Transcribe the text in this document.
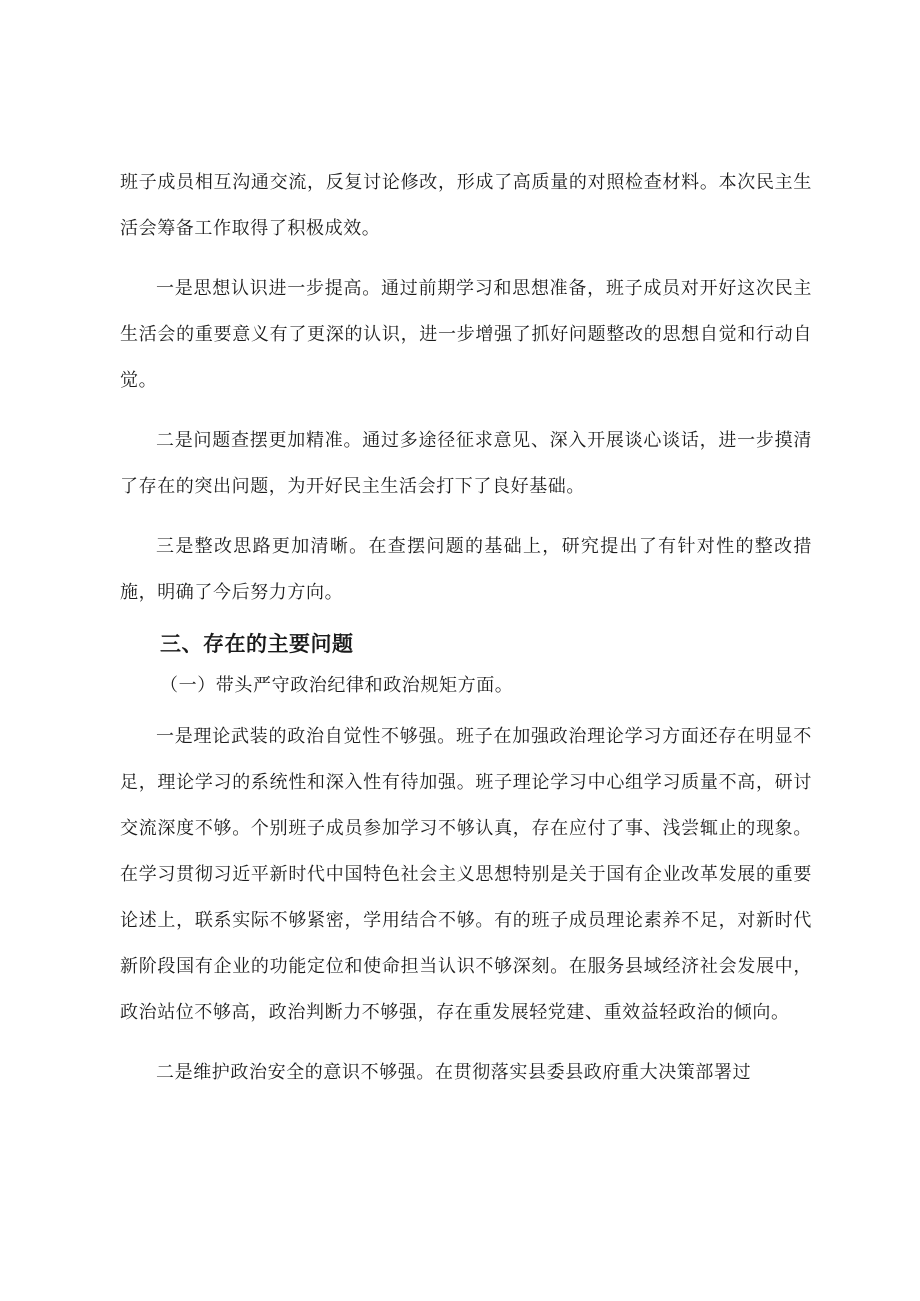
班子成员相互沟通交流，反复讨论修改，形成了高质量的对照检查材料。本次民主生活会筹备工作取得了积极成效。

一是思想认识进一步提高。通过前期学习和思想准备，班子成员对开好这次民主生活会的重要意义有了更深的认识，进一步增强了抓好问题整改的思想自觉和行动自觉。

二是问题查摆更加精准。通过多途径征求意见、深入开展谈心谈话，进一步摸清了存在的突出问题，为开好民主生活会打下了良好基础。

三是整改思路更加清晰。在查摆问题的基础上，研究提出了有针对性的整改措施，明确了今后努力方向。

三、存在的主要问题

（一）带头严守政治纪律和政治规矩方面。

一是理论武装的政治自觉性不够强。班子在加强政治理论学习方面还存在明显不足，理论学习的系统性和深入性有待加强。班子理论学习中心组学习质量不高，研讨交流深度不够。个别班子成员参加学习不够认真，存在应付了事、浅尝辄止的现象。在学习贯彻习近平新时代中国特色社会主义思想特别是关于国有企业改革发展的重要论述上，联系实际不够紧密，学用结合不够。有的班子成员理论素养不足，对新时代新阶段国有企业的功能定位和使命担当认识不够深刻。在服务县域经济社会发展中，政治站位不够高，政治判断力不够强，存在重发展轻党建、重效益轻政治的倾向。

二是维护政治安全的意识不够强。在贯彻落实县委县政府重大决策部署过
